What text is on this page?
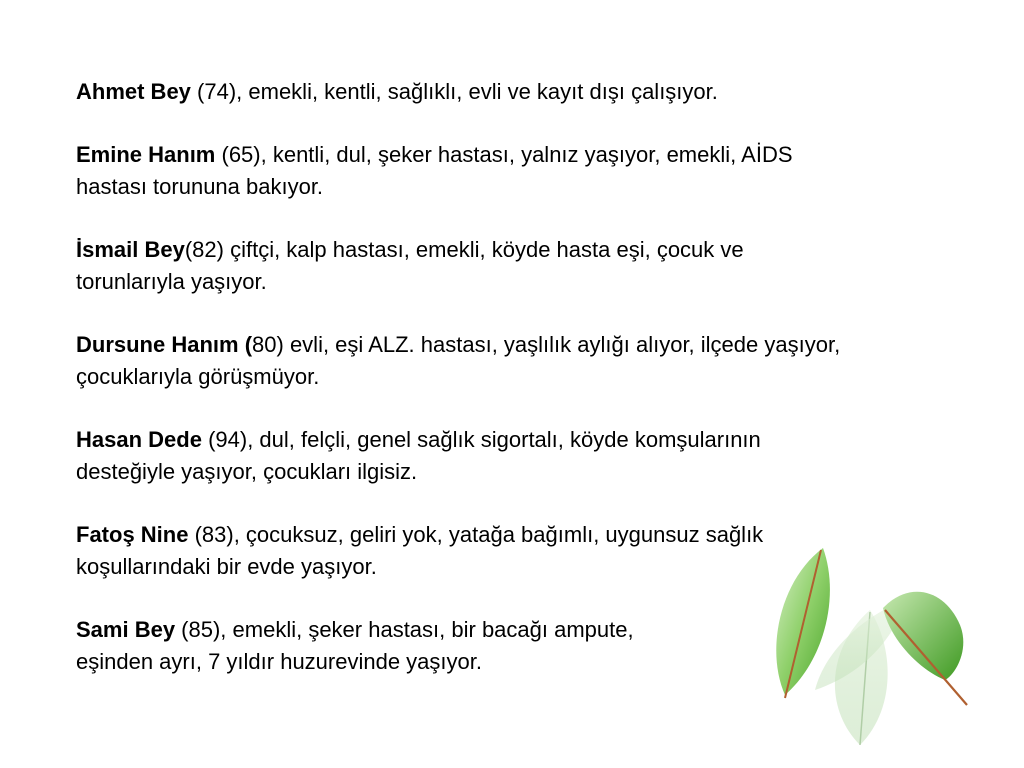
Ahmet Bey (74), emekli, kentli, sağlıklı, evli ve kayıt dışı çalışıyor.

Emine Hanım (65), kentli, dul, şeker hastası, yalnız yaşıyor, emekli, AİDS
hastası torununa bakıyor.

İsmail Bey(82) çiftçi, kalp hastası, emekli, köyde hasta eşi, çocuk ve
torunlarıyla yaşıyor.

Dursune Hanım (80) evli, eşi ALZ. hastası, yaşlılık aylığı alıyor, ilçede yaşıyor,
çocuklarıyla görüşmüyor.

Hasan Dede (94), dul, felçli, genel sağlık sigortalı, köyde komşularının
desteğiyle yaşıyor, çocukları ilgisiz.

Fatoş Nine (83), çocuksuz, geliri yok, yatağa bağımlı, uygunsuz sağlık
koşullarındaki bir evde yaşıyor.

Sami Bey (85), emekli, şeker hastası, bir bacağı ampute,
eşinden ayrı, 7 yıldır huzurevinde yaşıyor.
